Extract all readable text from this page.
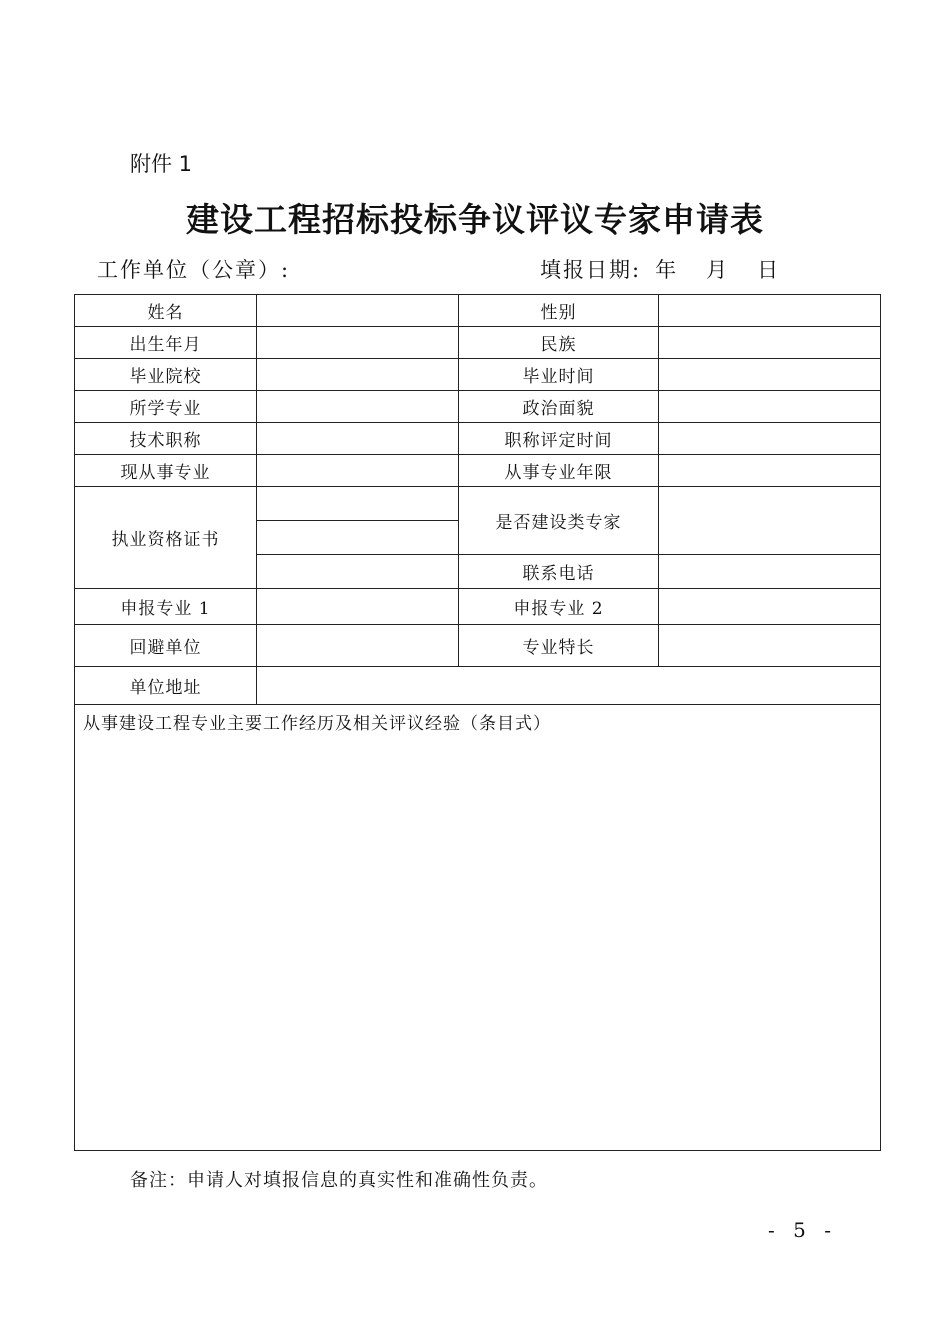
附件 1
建设工程招标投标争议评议专家申请表
工作单位（公章）:	填报日期: 年 月 日
姓名		性别	
出生年月		民族	
毕业院校		毕业时间	
所学专业		政治面貌	
技术职称		职称评定时间	
现从事专业		从事专业年限	
执业资格证书		是否建设类专家	

		联系电话	
申报专业 1		申报专业 2	
回避单位		专业特长	
单位地址			
从事建设工程专业主要工作经历及相关评议经验（条目式）			
备注：申请人对填报信息的真实性和准确性负责。
- 5 -
